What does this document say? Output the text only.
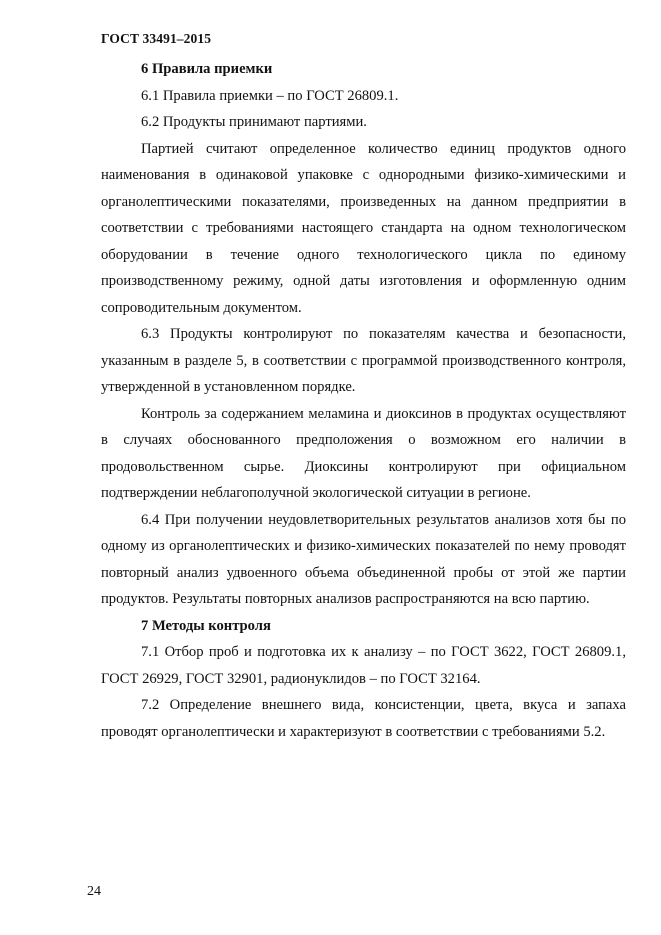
ГОСТ 33491–2015

6 Правила приемки

6.1 Правила приемки – по ГОСТ 26809.1.

6.2 Продукты принимают партиями.

Партией считают определенное количество единиц продуктов одного наименования в одинаковой упаковке с однородными физико-химическими и органолептическими показателями, произведенных на данном предприятии в соответствии с требованиями настоящего стандарта на одном технологическом оборудовании в течение одного технологического цикла по единому производственному режиму, одной даты изготовления и оформленную одним сопроводительным документом.

6.3 Продукты контролируют по показателям качества и безопасности, указанным в разделе 5, в соответствии с программой производственного контроля, утвержденной в установленном порядке.

Контроль за содержанием меламина и диоксинов в продуктах осуществляют в случаях обоснованного предположения о возможном его наличии в продовольственном сырье. Диоксины контролируют при официальном подтверждении неблагополучной экологической ситуации в регионе.

6.4 При получении неудовлетворительных результатов анализов хотя бы по одному из органолептических и физико-химических показателей по нему проводят повторный анализ удвоенного объема объединенной пробы от этой же партии продуктов. Результаты повторных анализов распространяются на всю партию.

7 Методы контроля

7.1 Отбор проб и подготовка их к анализу – по ГОСТ 3622, ГОСТ 26809.1, ГОСТ 26929, ГОСТ 32901, радионуклидов – по ГОСТ 32164.

7.2 Определение внешнего вида, консистенции, цвета, вкуса и запаха проводят органолептически и характеризуют в соответствии с требованиями 5.2.

24
